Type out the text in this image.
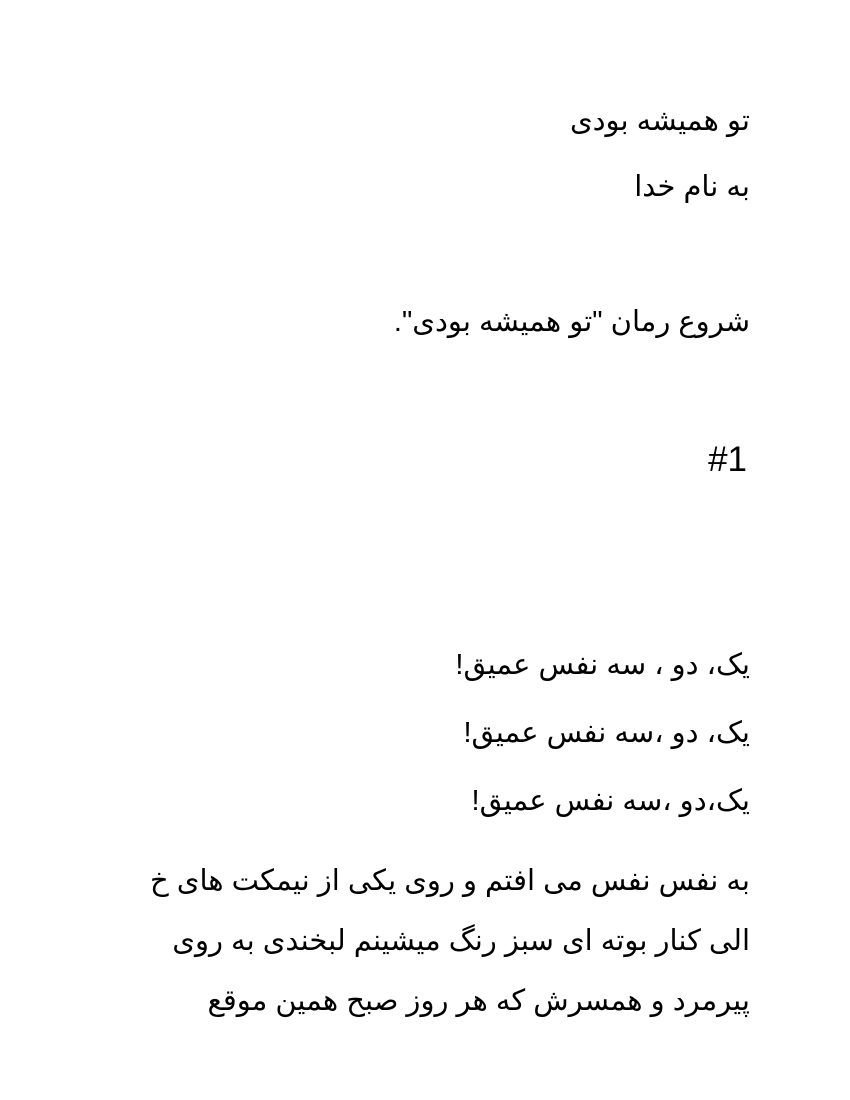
تو همیشه بودی

به نام خدا

شروع رمان "تو همیشه بودی".

#1

یک، دو ، سه نفس عمیق!

یک، دو ،سه نفس عمیق!

یک،دو ،سه نفس عمیق!

به نفس نفس می افتم و روی یکی از نیمکت های خ
الی کنار بوته ای سبز رنگ میشینم لبخندی به روی
پیرمرد و همسرش که هر روز صبح همین موقع
